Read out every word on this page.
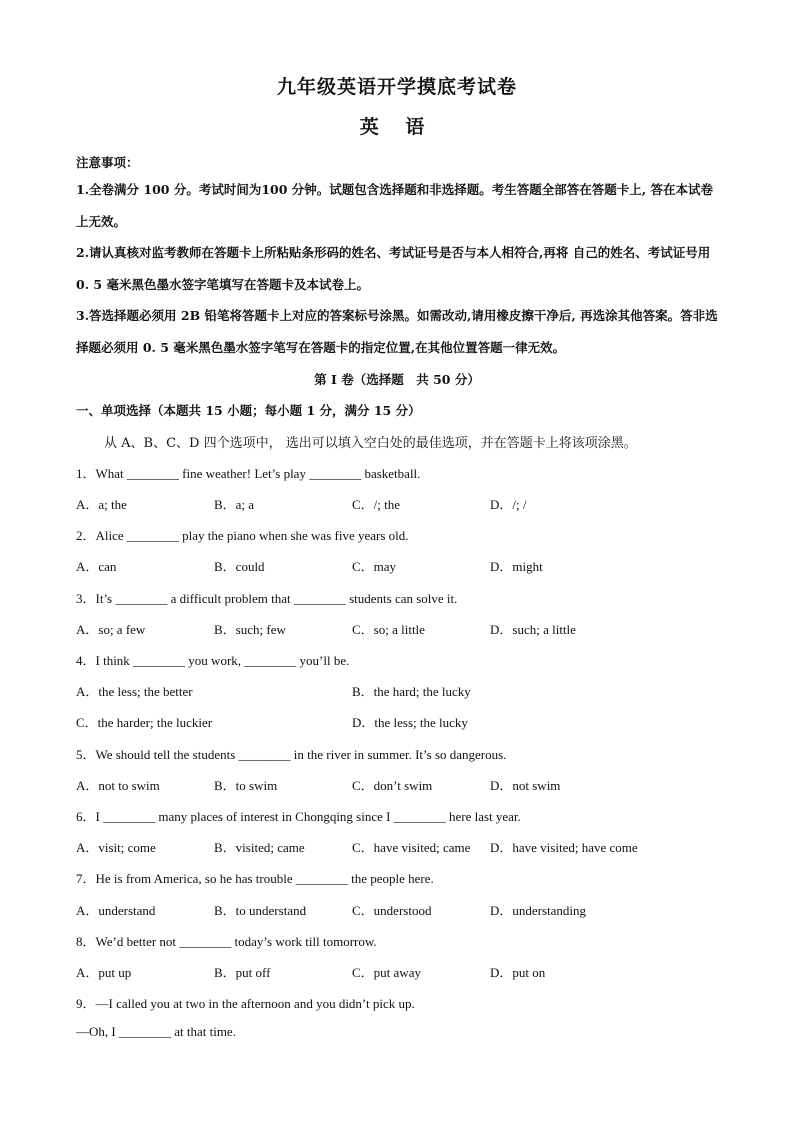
九年级英语开学摸底考试卷
英 语
注意事项：
1.全卷满分 100 分。考试时间为100 分钟。试题包含选择题和非选择题。考生答题全部答在答题卡上, 答在本试卷上无效。
2.请认真核对监考教师在答题卡上所粘贴条形码的姓名、考试证号是否与本人相符合,再将 自己的姓名、考试证号用 0. 5 毫米黑色墨水签字笔填写在答题卡及本试卷上。
3.答选择题必须用 2B 铅笔将答题卡上对应的答案标号涂黑。如需改动,请用橡皮擦干净后, 再选涂其他答案。答非选择题必须用 0. 5 毫米黑色墨水签字笔写在答题卡的指定位置,在其他位置答题一律无效。
第 I 卷（选择题　共 50 分）
一、单项选择（本题共 15 小题；每小题 1 分，满分 15 分）
从 A、B、C、D 四个选项中， 选出可以填入空白处的最佳选项，并在答题卡上将该项涂黑。
1．What ________ fine weather! Let’s play ________ basketball.
A．a; the	B．a; a	C．/; the	D．/; /
2．Alice ________ play the piano when she was five years old.
A．can	B．could	C．may	D．might
3．It’s ________ a difficult problem that ________ students can solve it.
A．so; a few	B．such; few	C．so; a little	D．such; a little
4．I think ________ you work, ________ you’ll be.
A．the less; the better	B．the hard; the lucky
C．the harder; the luckier	D．the less; the lucky
5．We should tell the students ________ in the river in summer. It’s so dangerous.
A．not to swim	B．to swim	C．don’t swim	D．not swim
6．I ________ many places of interest in Chongqing since I ________ here last year.
A．visit; come	B．visited; came	C．have visited; came D．have visited; have come
7．He is from America, so he has trouble ________ the people here.
A．understand	B．to understand	C．understood	D．understanding
8．We’d better not ________ today’s work till tomorrow.
A．put up	B．put off	C．put away	D．put on
9．—I called you at two in the afternoon and you didn’t pick up.
—Oh, I ________ at that time.
